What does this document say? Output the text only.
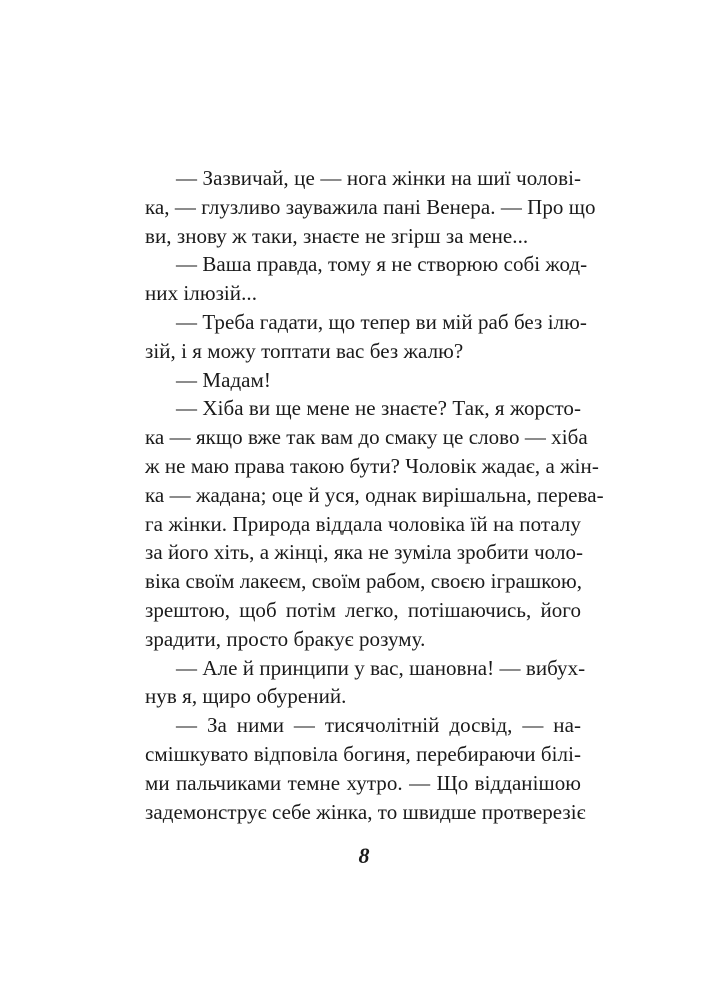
— Зазвичай, це — нога жінки на шиї чолові-
ка, — глузливо зауважила пані Венера. — Про що
ви, знову ж таки, знаєте не згірш за мене...
— Ваша правда, тому я не створюю собі жод-
них ілюзій...
— Треба гадати, що тепер ви мій раб без ілю-
зій, і я можу топтати вас без жалю?
— Мадам!
— Хіба ви ще мене не знаєте? Так, я жорсто-
ка — якщо вже так вам до смаку це слово — хіба
ж не маю права такою бути? Чоловік жадає, а жін-
ка — жадана; оце й уся, однак вирішальна, перева-
га жінки. Природа віддала чоловіка їй на поталу
за його хіть, а жінці, яка не зуміла зробити чоло-
віка своїм лакеєм, своїм рабом, своєю іграшкою,
зрештою, щоб потім легко, потішаючись, його
зрадити, просто бракує розуму.
— Але й принципи у вас, шановна! — вибух-
нув я, щиро обурений.
— За ними — тисячолітній досвід, — на-
смішкувато відповіла богиня, перебираючи білі-
ми пальчиками темне хутро. — Що відданішою
задемонструє себе жінка, то швидше протверезіє
8
